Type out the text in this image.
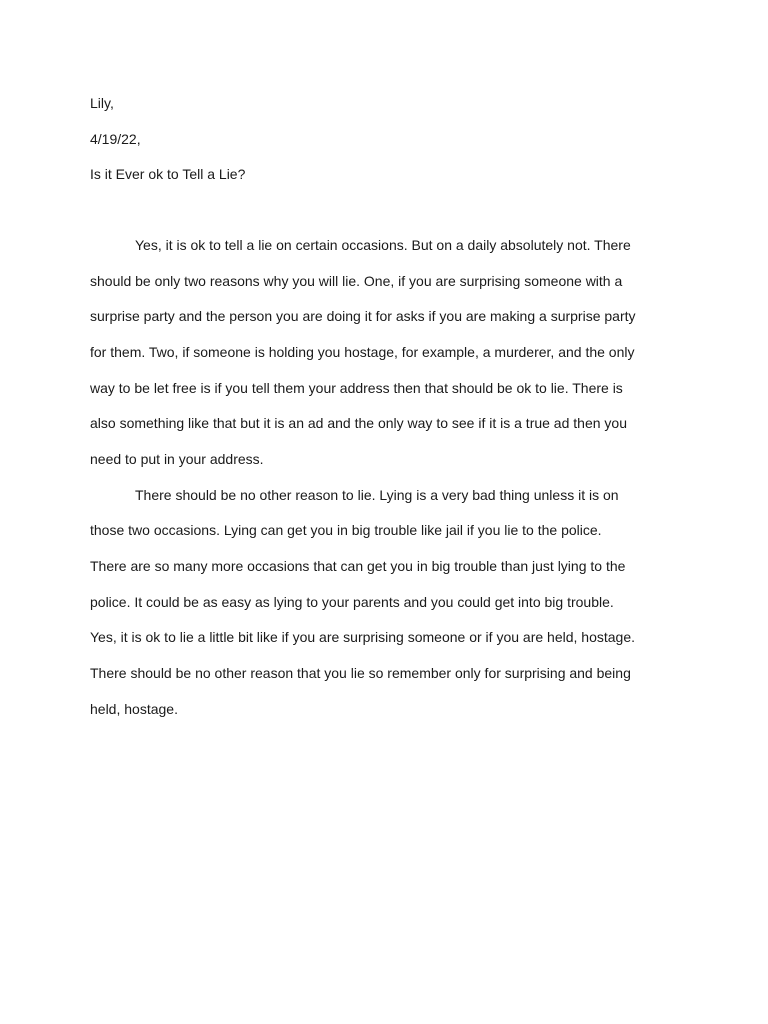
Lily,
4/19/22,
Is it Ever ok to Tell a Lie?
Yes, it is ok to tell a lie on certain occasions. But on a daily absolutely not. There
should be only two reasons why you will lie. One, if you are surprising someone with a
surprise party and the person you are doing it for asks if you are making a surprise party
for them. Two, if someone is holding you hostage, for example, a murderer, and the only
way to be let free is if you tell them your address then that should be ok to lie. There is
also something like that but it is an ad and the only way to see if it is a true ad then you
need to put in your address.
There should be no other reason to lie. Lying is a very bad thing unless it is on
those two occasions. Lying can get you in big trouble like jail if you lie to the police.
There are so many more occasions that can get you in big trouble than just lying to the
police. It could be as easy as lying to your parents and you could get into big trouble.
Yes, it is ok to lie a little bit like if you are surprising someone or if you are held, hostage.
There should be no other reason that you lie so remember only for surprising and being
held, hostage.
